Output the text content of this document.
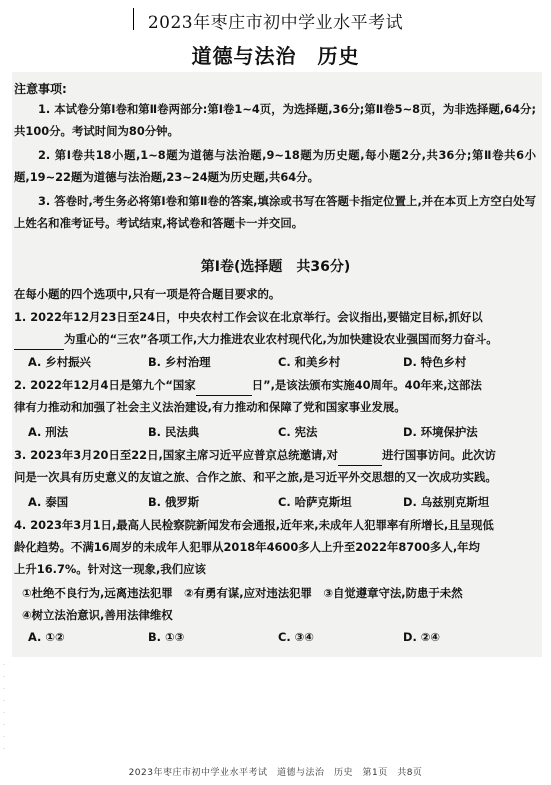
2023年枣庄市初中学业水平考试
道德与法治　历史
注意事项:
1. 本试卷分第Ⅰ卷和第Ⅱ卷两部分:第Ⅰ卷1~4页，为选择题,36分;第Ⅱ卷5~8页，为非选择题,64分;共100分。考试时间为80分钟。
2. 第Ⅰ卷共18小题,1~8题为道德与法治题,9~18题为历史题,每小题2分,共36分;第Ⅱ卷共6小题,19~22题为道德与法治题,23~24题为历史题,共64分。
3. 答卷时,考生务必将第Ⅰ卷和第Ⅱ卷的答案,填涂或书写在答题卡指定位置上,并在本页上方空白处写上姓名和准考证号。考试结束,将试卷和答题卡一并交回。
第Ⅰ卷(选择题　共36分)
在每小题的四个选项中,只有一项是符合题目要求的。
1. 2022年12月23日至24日，中央农村工作会议在北京举行。会议指出,要锚定目标,抓好以
为重心的“三农”各项工作,大力推进农业农村现代化,为加快建设农业强国而努力奋斗。
A. 乡村振兴	B. 乡村治理	C. 和美乡村	D. 特色乡村
2. 2022年12月4日是第九个“国家	日”,是该法颁布实施40周年。40年来,这部法
律有力推动和加强了社会主义法治建设,有力推动和保障了党和国家事业发展。
A. 刑法	B. 民法典	C. 宪法	D. 环境保护法
3. 2023年3月20日至22日,国家主席习近平应普京总统邀请,对	进行国事访问。此次访
问是一次具有历史意义的友谊之旅、合作之旅、和平之旅,是习近平外交思想的又一次成功实践。
A. 泰国	B. 俄罗斯	C. 哈萨克斯坦	D. 乌兹别克斯坦
4. 2023年3月1日,最高人民检察院新闻发布会通报,近年来,未成年人犯罪率有所增长,且呈现低
龄化趋势。不满16周岁的未成年人犯罪从2018年4600多人上升至2022年8700多人,年均
上升16.7%。针对这一现象,我们应该
①杜绝不良行为,远离违法犯罪　②有勇有谋,应对违法犯罪　③自觉遵章守法,防患于未然
④树立法治意识,善用法律维权
A. ①②	B. ①③	C. ③④	D. ②④
·
·
·
·
·
·
·
·
2023年枣庄市初中学业水平考试　道德与法治　历史　第1页　共8页
